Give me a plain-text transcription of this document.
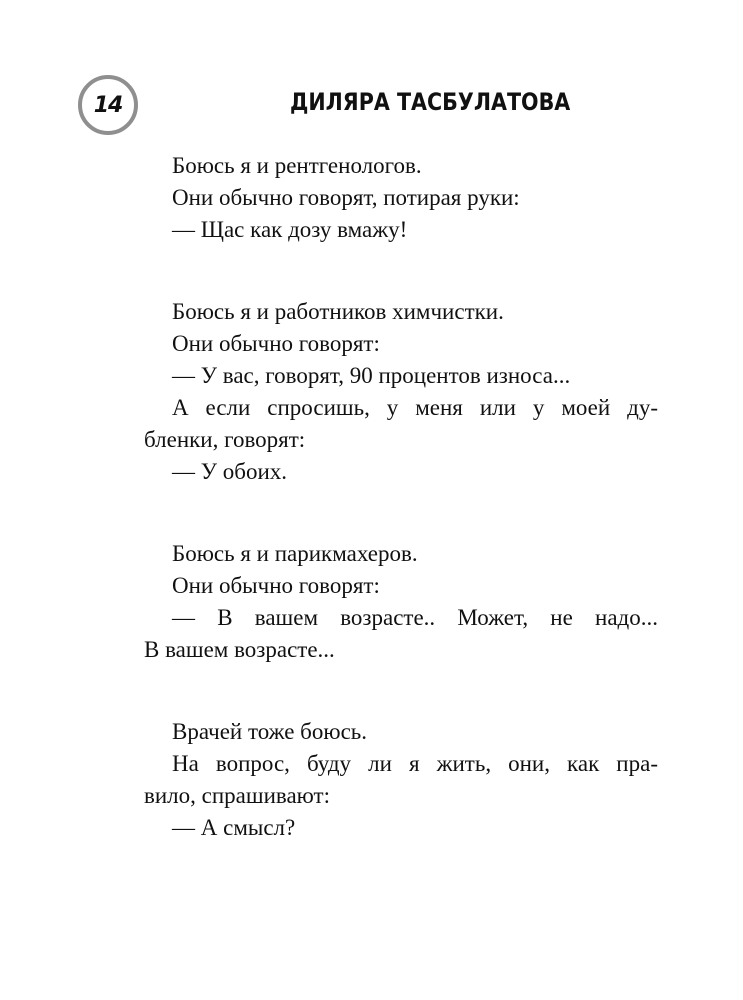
14	ДИЛЯРА ТАСБУЛАТОВА
Боюсь я и рентгенологов.
Они обычно говорят, потирая руки:
— Щас как дозу вмажу!
Боюсь я и работников химчистки.
Они обычно говорят:
— У вас, говорят, 90 процентов износа...
А если спросишь, у меня или у моей ду-
бленки, говорят:
— У обоих.
Боюсь я и парикмахеров.
Они обычно говорят:
— В вашем возрасте.. Может, не надо...
В вашем возрасте...
Врачей тоже боюсь.
На вопрос, буду ли я жить, они, как пра-
вило, спрашивают:
— А смысл?
